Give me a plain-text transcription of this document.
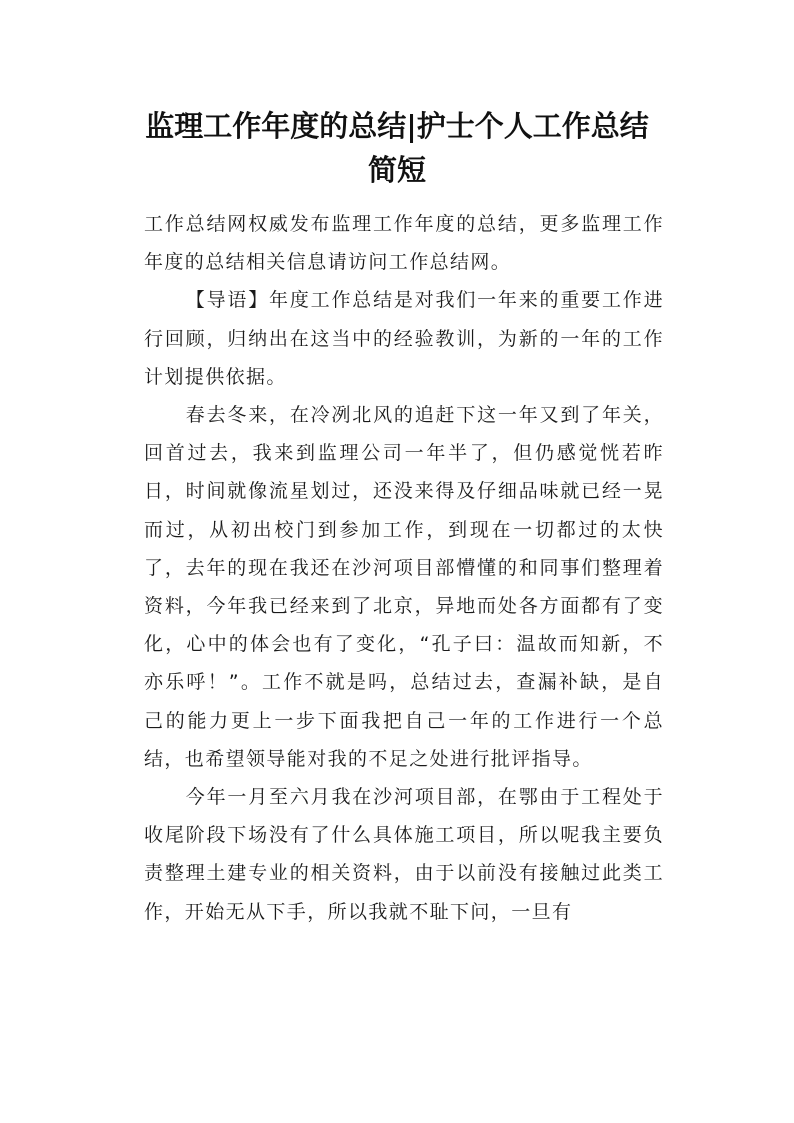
监理工作年度的总结|护士个人工作总结
简短

工作总结网权威发布监理工作年度的总结，更多监理工作年度的总结相关信息请访问工作总结网。

【导语】年度工作总结是对我们一年来的重要工作进行回顾，归纳出在这当中的经验教训，为新的一年的工作计划提供依据。

春去冬来，在冷冽北风的追赶下这一年又到了年关，回首过去，我来到监理公司一年半了，但仍感觉恍若昨日，时间就像流星划过，还没来得及仔细品味就已经一晃而过，从初出校门到参加工作，到现在一切都过的太快了，去年的现在我还在沙河项目部懵懂的和同事们整理着资料，今年我已经来到了北京，异地而处各方面都有了变化，心中的体会也有了变化，“孔子曰：温故而知新，不亦乐呼！”。工作不就是吗，总结过去，查漏补缺，是自己的能力更上一步下面我把自己一年的工作进行一个总结，也希望领导能对我的不足之处进行批评指导。

今年一月至六月我在沙河项目部，在鄂由于工程处于收尾阶段下场没有了什么具体施工项目，所以呢我主要负责整理土建专业的相关资料，由于以前没有接触过此类工作，开始无从下手，所以我就不耻下问，一旦有
